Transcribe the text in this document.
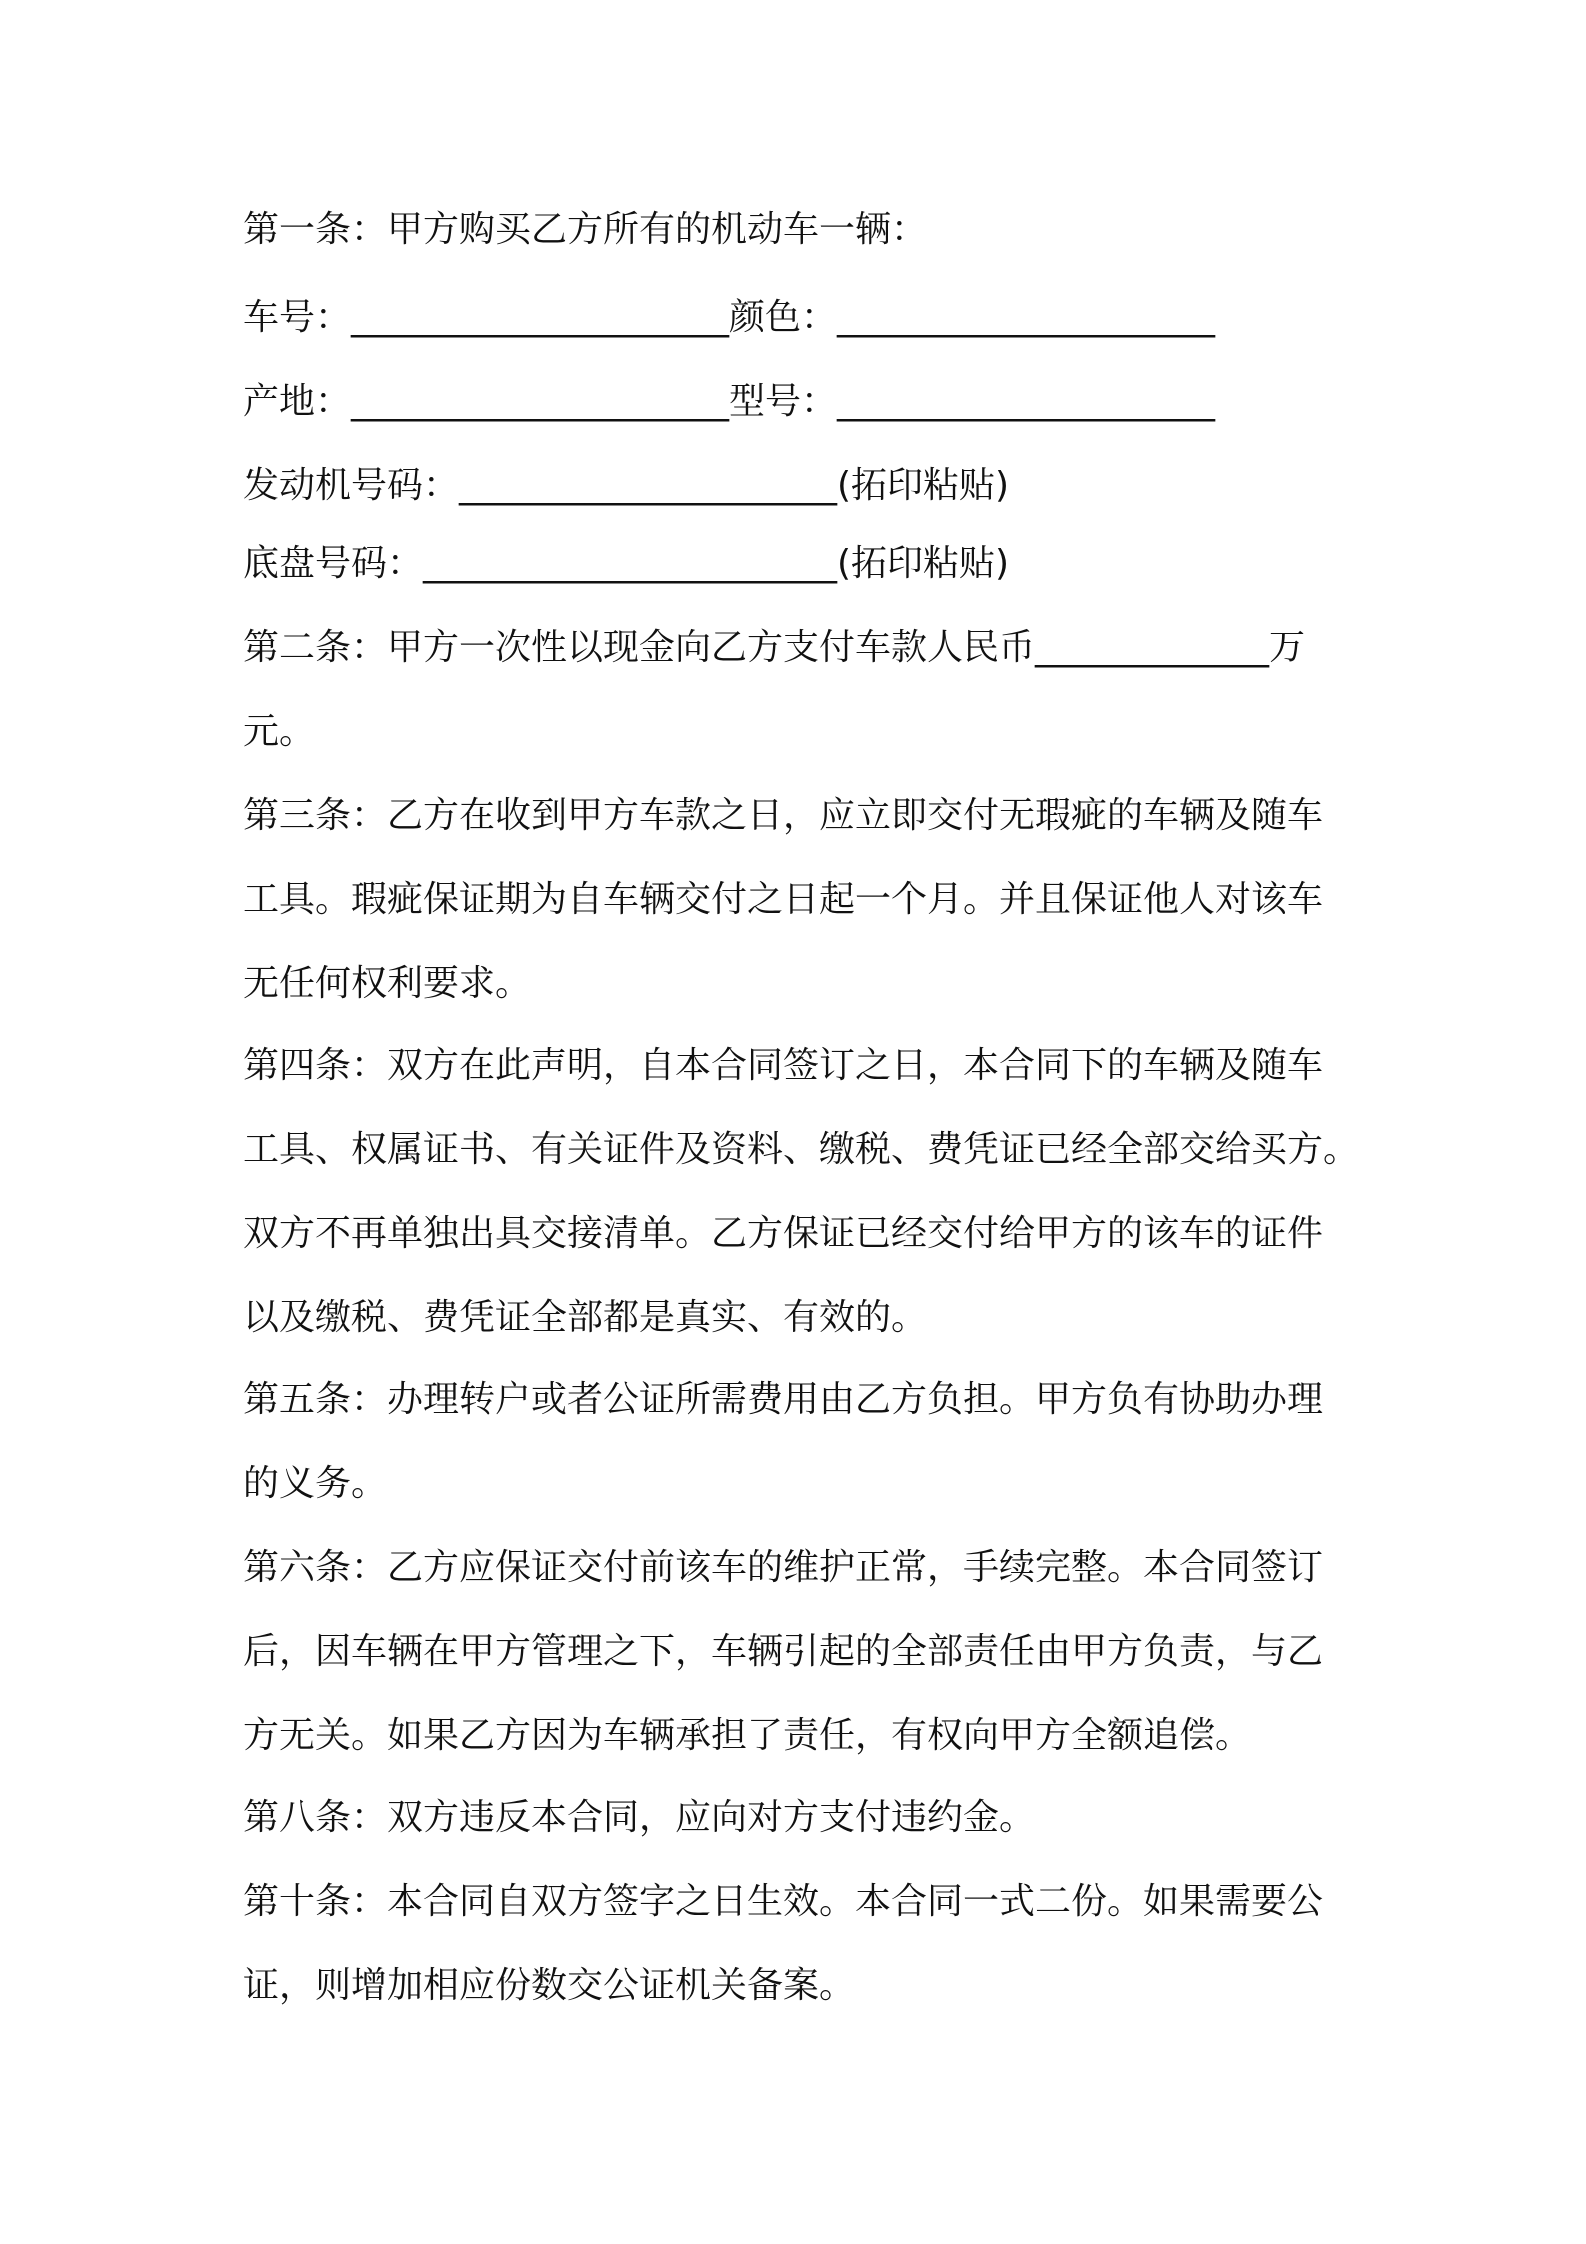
第一条：甲方购买乙方所有的机动车一辆：
车号：_____________________颜色：_____________________
产地：_____________________型号：_____________________
发动机号码：_____________________(拓印粘贴)
底盘号码：_______________________(拓印粘贴)
第二条：甲方一次性以现金向乙方支付车款人民币_____________万
元。
第三条：乙方在收到甲方车款之日，应立即交付无瑕疵的车辆及随车
工具。瑕疵保证期为自车辆交付之日起一个月。并且保证他人对该车
无任何权利要求。
第四条：双方在此声明，自本合同签订之日，本合同下的车辆及随车
工具、权属证书、有关证件及资料、缴税、费凭证已经全部交给买方。
双方不再单独出具交接清单。乙方保证已经交付给甲方的该车的证件
以及缴税、费凭证全部都是真实、有效的。
第五条：办理转户或者公证所需费用由乙方负担。甲方负有协助办理
的义务。
第六条：乙方应保证交付前该车的维护正常，手续完整。本合同签订
后，因车辆在甲方管理之下，车辆引起的全部责任由甲方负责，与乙
方无关。如果乙方因为车辆承担了责任，有权向甲方全额追偿。
第八条：双方违反本合同，应向对方支付违约金。
第十条：本合同自双方签字之日生效。本合同一式二份。如果需要公
证，则增加相应份数交公证机关备案。
